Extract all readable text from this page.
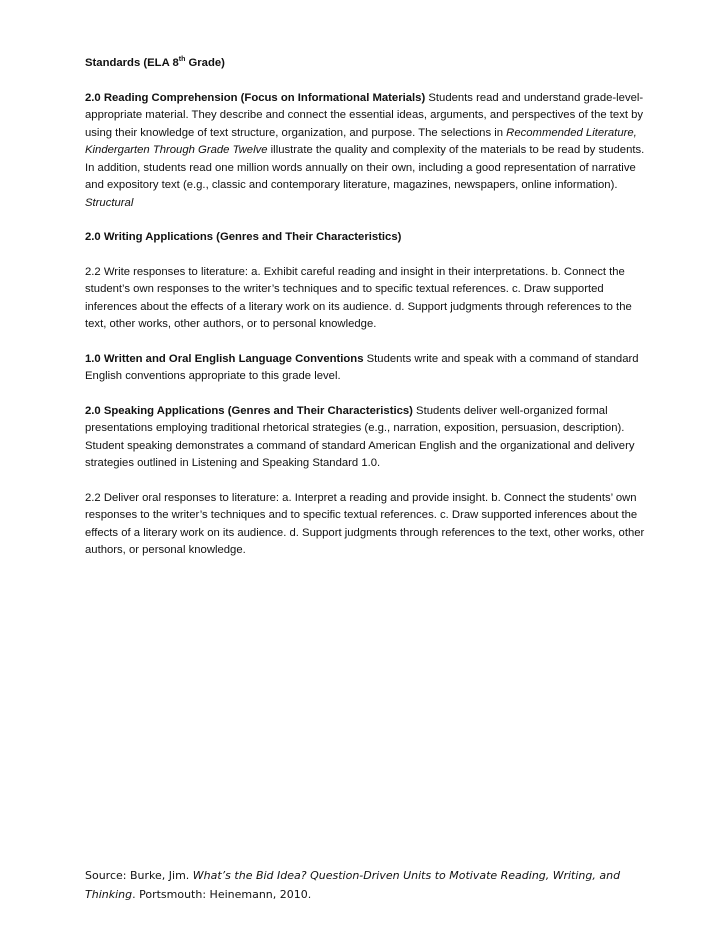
Standards (ELA 8th Grade)

2.0 Reading Comprehension (Focus on Informational Materials) Students read and understand grade-level-appropriate material. They describe and connect the essential ideas, arguments, and perspectives of the text by using their knowledge of text structure, organization, and purpose. The selections in Recommended Literature, Kindergarten Through Grade Twelve illustrate the quality and complexity of the materials to be read by students. In addition, students read one million words annually on their own, including a good representation of narrative and expository text (e.g., classic and contemporary literature, magazines, newspapers, online information). Structural

2.0 Writing Applications (Genres and Their Characteristics)

2.2 Write responses to literature: a. Exhibit careful reading and insight in their interpretations. b. Connect the student’s own responses to the writer’s techniques and to specific textual references. c. Draw supported inferences about the effects of a literary work on its audience. d. Support judgments through references to the text, other works, other authors, or to personal knowledge.

1.0 Written and Oral English Language Conventions Students write and speak with a command of standard English conventions appropriate to this grade level.

2.0 Speaking Applications (Genres and Their Characteristics) Students deliver well-organized formal presentations employing traditional rhetorical strategies (e.g., narration, exposition, persuasion, description). Student speaking demonstrates a command of standard American English and the organizational and delivery strategies outlined in Listening and Speaking Standard 1.0.

2.2 Deliver oral responses to literature: a. Interpret a reading and provide insight. b. Connect the students’ own responses to the writer’s techniques and to specific textual references. c. Draw supported inferences about the effects of a literary work on its audience. d. Support judgments through references to the text, other works, other authors, or personal knowledge.

Source: Burke, Jim. What’s the Bid Idea? Question-Driven Units to Motivate Reading, Writing, and Thinking. Portsmouth: Heinemann, 2010.
